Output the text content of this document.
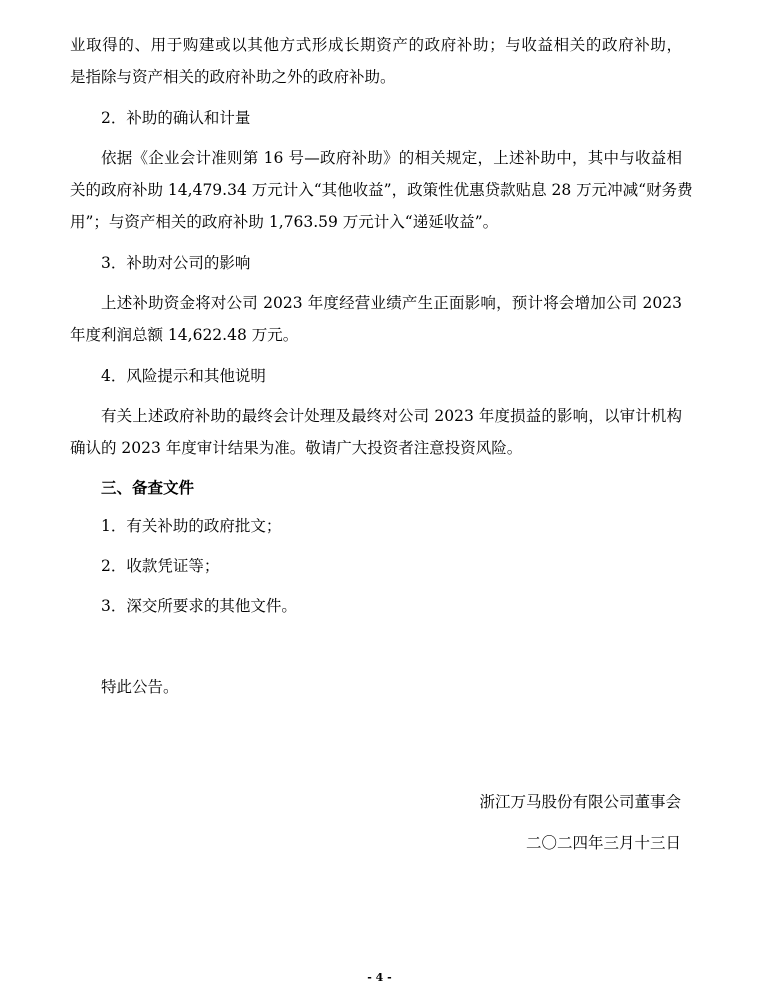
业取得的、用于购建或以其他方式形成长期资产的政府补助；与收益相关的政府补助，
是指除与资产相关的政府补助之外的政府补助。
2．补助的确认和计量
依据《企业会计准则第 16 号—政府补助》的相关规定，上述补助中，其中与收益相
关的政府补助 14,479.34 万元计入“其他收益”，政策性优惠贷款贴息 28 万元冲减“财务费
用”；与资产相关的政府补助 1,763.59 万元计入“递延收益”。
3．补助对公司的影响
上述补助资金将对公司 2023 年度经营业绩产生正面影响，预计将会增加公司 2023
年度利润总额 14,622.48 万元。
4．风险提示和其他说明
有关上述政府补助的最终会计处理及最终对公司 2023 年度损益的影响，以审计机构
确认的 2023 年度审计结果为准。敬请广大投资者注意投资风险。
三、备查文件
1．有关补助的政府批文；
2．收款凭证等；
3．深交所要求的其他文件。
特此公告。
浙江万马股份有限公司董事会
二〇二四年三月十三日
- 4 -
